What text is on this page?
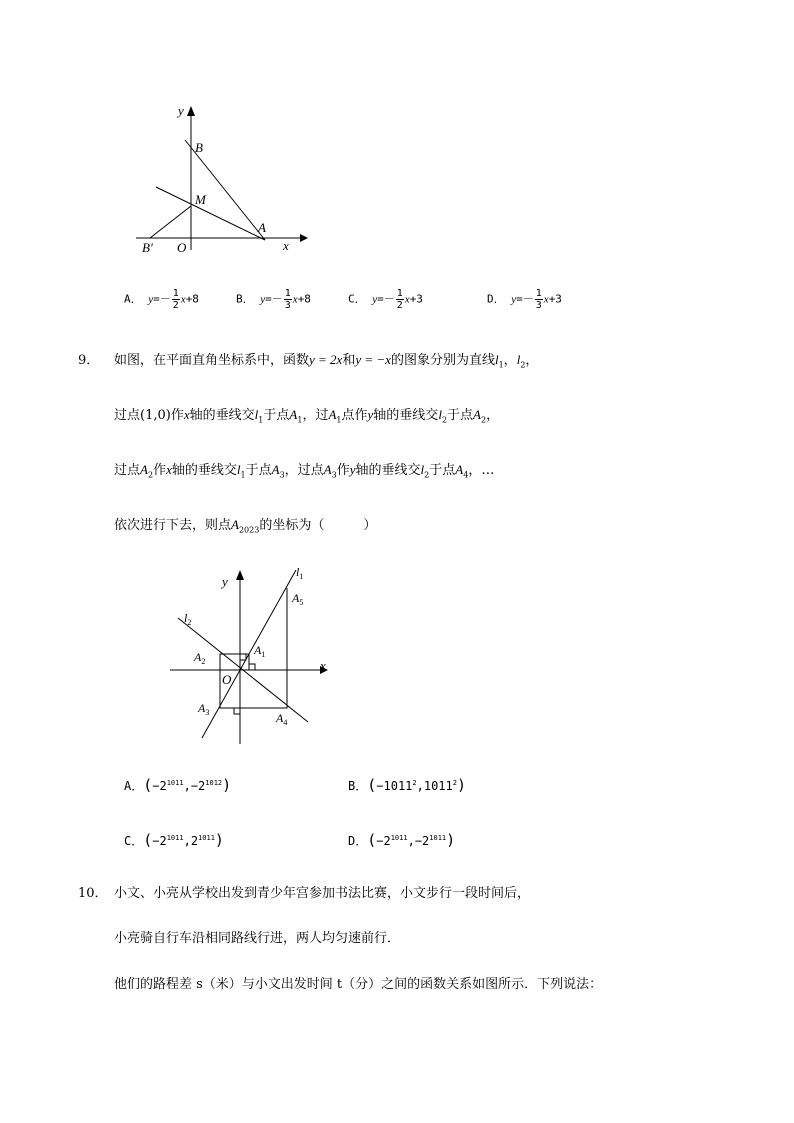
y
B
M
A
B′ O	x
A． $y=- \frac{1}{2} x+8$	B． $y=- \frac{1}{3} x+8$	C． $y=- \frac{1}{2} x+3$	D． $y=- \frac{1}{3} x+3$
9． 如图，在平面直角坐标系中，函数y = 2x和y = −x的图象分别为直线$l_1$，$l_2$，
过点(1,0)作x轴的垂线交$l_1$于点$A_1$，过$A_1$点作y轴的垂线交$l_2$于点$A_2$，
过点$A_2$作x轴的垂线交$l_1$于点$A_3$，过点$A_3$作y轴的垂线交$l_2$于点$A_4$，…
依次进行下去，则点$A_{2023}$的坐标为（　　　）
y
x
$l_1$
$l_2$
$A_5$
$A_1$
$A_2$
O
$A_3$	$A_4$
A．$(-2^{1011},-2^{1012})$	B．$(-1011^2,1011^2)$
C．$(-2^{1011},2^{1011})$	D．$(-2^{1011},-2^{1011})$
10． 小文、小亮从学校出发到青少年宫参加书法比赛，小文步行一段时间后，
小亮骑自行车沿相同路线行进，两人均匀速前行．
他们的路程差 s（米）与小文出发时间 t（分）之间的函数关系如图所示．下列说法：
